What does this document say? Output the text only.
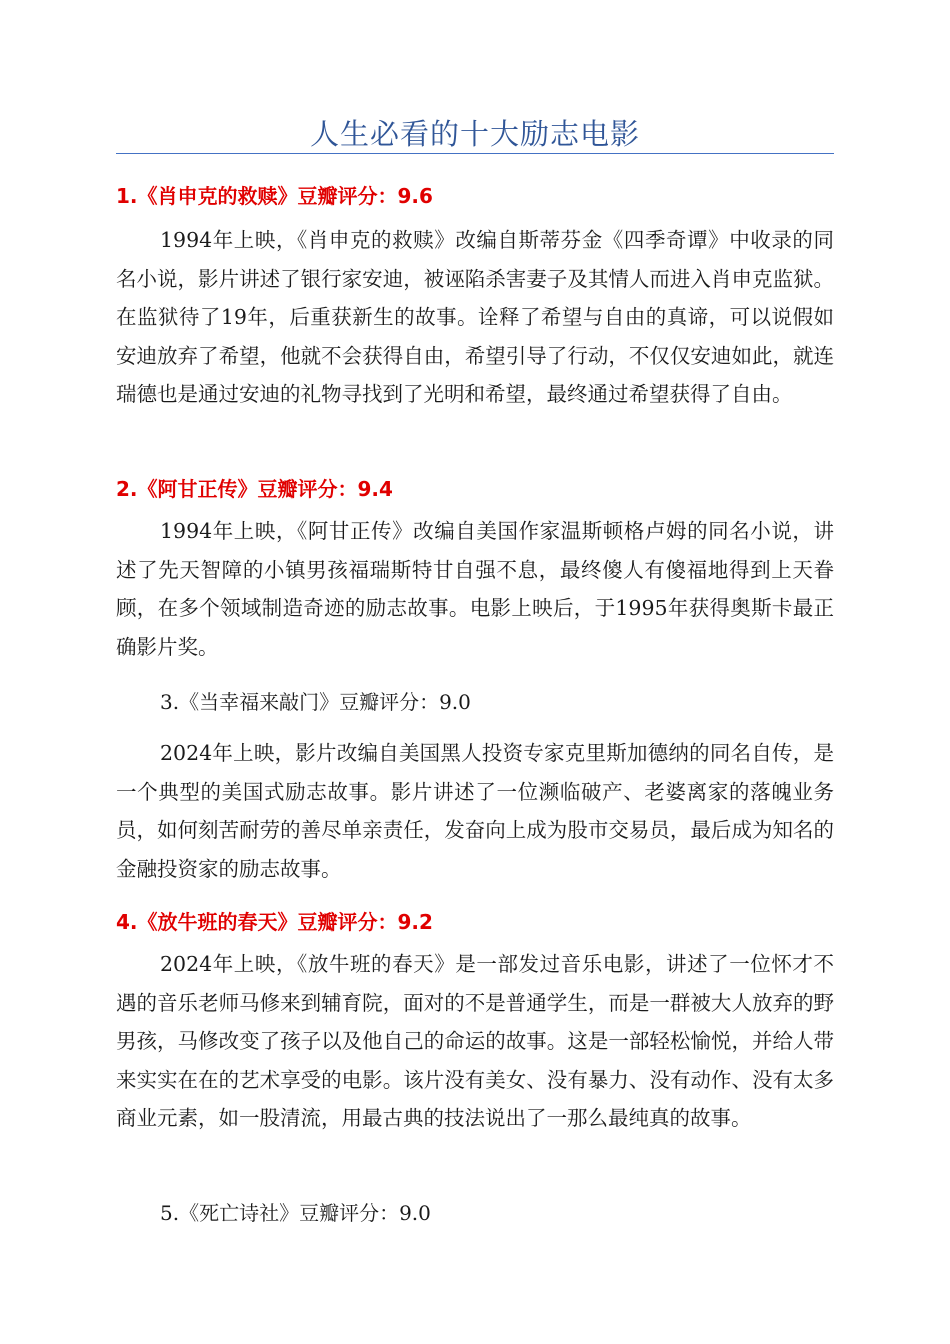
人生必看的十大励志电影
1.《肖申克的救赎》豆瓣评分：9.6

1994年上映，《肖申克的救赎》改编自斯蒂芬金《四季奇谭》中收录的同名小说，影片讲述了银行家安迪，被诬陷杀害妻子及其情人而进入肖申克监狱。在监狱待了19年，后重获新生的故事。诠释了希望与自由的真谛，可以说假如安迪放弃了希望，他就不会获得自由，希望引导了行动，不仅仅安迪如此，就连瑞德也是通过安迪的礼物寻找到了光明和希望，最终通过希望获得了自由。

2.《阿甘正传》豆瓣评分：9.4

1994年上映，《阿甘正传》改编自美国作家温斯顿格卢姆的同名小说，讲述了先天智障的小镇男孩福瑞斯特甘自强不息，最终傻人有傻福地得到上天眷顾，在多个领域制造奇迹的励志故事。电影上映后，于1995年获得奥斯卡最正确影片奖。

3.《当幸福来敲门》豆瓣评分：9.0

2024年上映，影片改编自美国黑人投资专家克里斯加德纳的同名自传，是一个典型的美国式励志故事。影片讲述了一位濒临破产、老婆离家的落魄业务员，如何刻苦耐劳的善尽单亲责任，发奋向上成为股市交易员，最后成为知名的金融投资家的励志故事。

4.《放牛班的春天》豆瓣评分：9.2

2024年上映，《放牛班的春天》是一部发过音乐电影，讲述了一位怀才不遇的音乐老师马修来到辅育院，面对的不是普通学生，而是一群被大人放弃的野男孩，马修改变了孩子以及他自己的命运的故事。这是一部轻松愉悦，并给人带来实实在在的艺术享受的电影。该片没有美女、没有暴力、没有动作、没有太多商业元素，如一股清流，用最古典的技法说出了一那么最纯真的故事。

5.《死亡诗社》豆瓣评分：9.0
